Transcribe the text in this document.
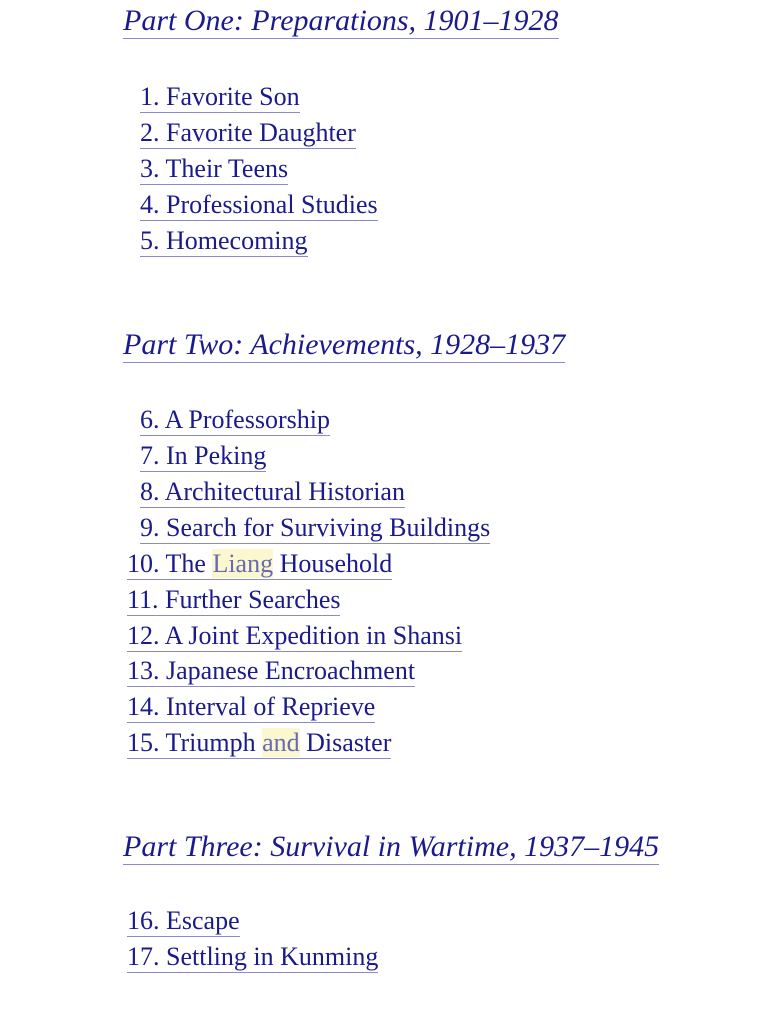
Part One: Preparations, 1901–1928
1. Favorite Son
2. Favorite Daughter
3. Their Teens
4. Professional Studies
5. Homecoming
Part Two: Achievements, 1928–1937
6. A Professorship
7. In Peking
8. Architectural Historian
9. Search for Surviving Buildings
10. The Liang Household
11. Further Searches
12. A Joint Expedition in Shansi
13. Japanese Encroachment
14. Interval of Reprieve
15. Triumph and Disaster
Part Three: Survival in Wartime, 1937–1945
16. Escape
17. Settling in Kunming
